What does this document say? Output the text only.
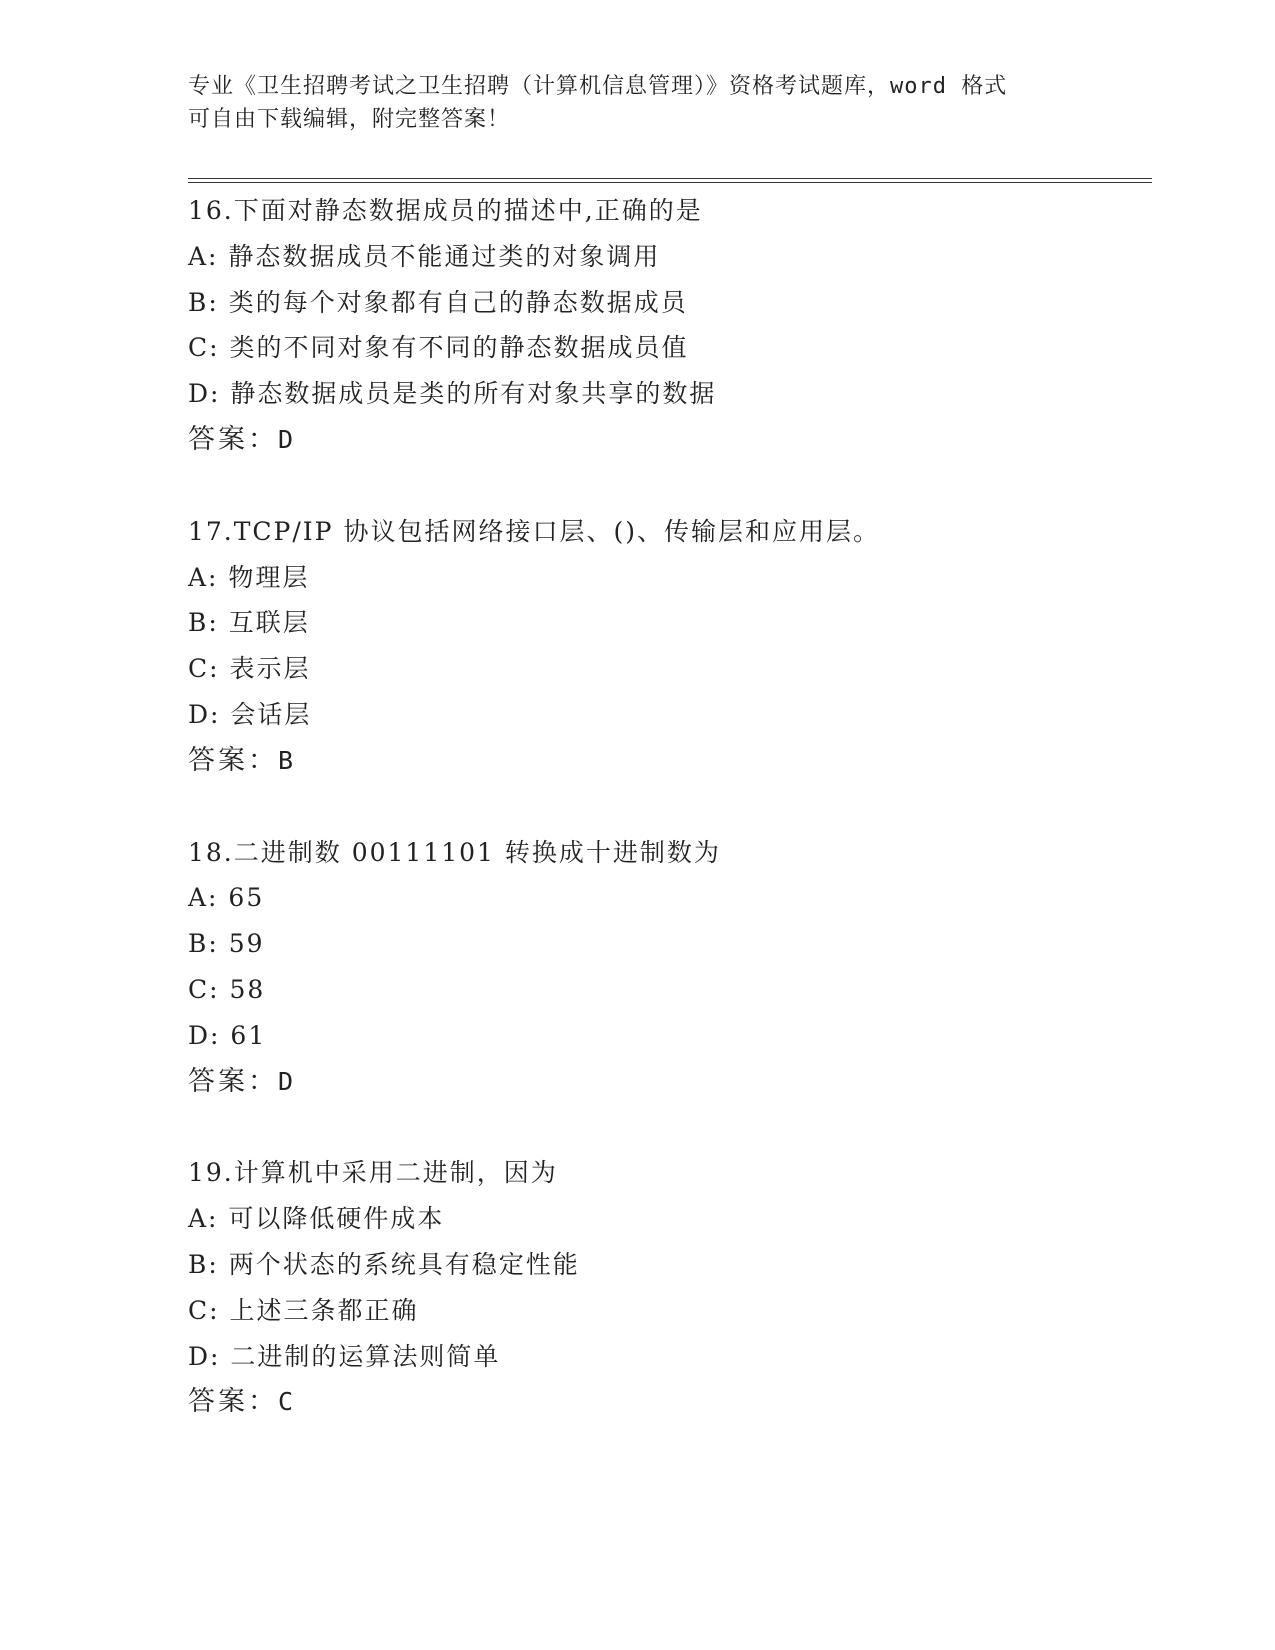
专业《卫生招聘考试之卫生招聘（计算机信息管理）》资格考试题库，word 格式
可自由下载编辑，附完整答案！
16.下面对静态数据成员的描述中,正确的是
A: 静态数据成员不能通过类的对象调用
B: 类的每个对象都有自己的静态数据成员
C: 类的不同对象有不同的静态数据成员值
D: 静态数据成员是类的所有对象共享的数据
答案：D
17.TCP/IP 协议包括网络接口层、()、传输层和应用层。
A: 物理层
B: 互联层
C: 表示层
D: 会话层
答案：B
18.二进制数 00111101 转换成十进制数为
A: 65
B: 59
C: 58
D: 61
答案：D
19.计算机中采用二进制，因为
A: 可以降低硬件成本
B: 两个状态的系统具有稳定性能
C: 上述三条都正确
D: 二进制的运算法则简单
答案：C
